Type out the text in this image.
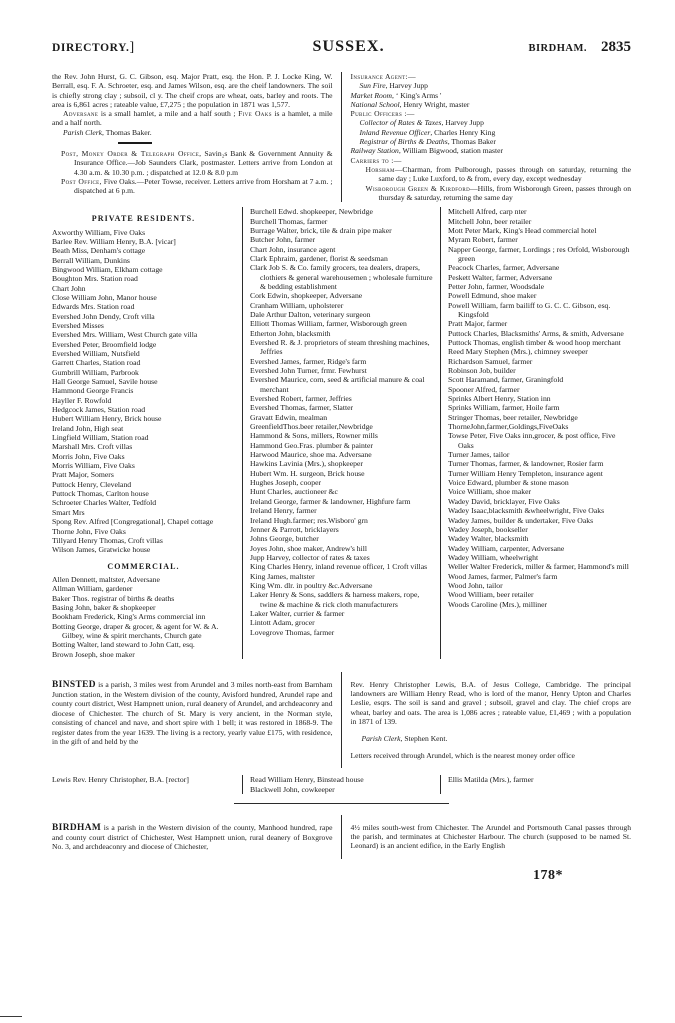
DIRECTORY.]	SUSSEX.	BIRDHAM. 2835

the Rev. John Hurst, G. C. Gibson, esq. Major Pratt, esq. the Hon. P. J. Locke King, W. Berrall, esq. F. A. Schroeter, esq. and James Wilson, esq. are the cheif landowners. The soil is chiefly strong clay ; subsoil, cl y. The cheif crops are wheat, oats, barley and roots. The area is 6,861 acres ; rateable value, £7,275 ; the population in 1871 was 1,577.

Adversane is a small hamlet, a mile and a half south ; Five Oaks is a hamlet, a mile and a half north.

Parish Clerk, Thomas Baker.

Post, Money Order & Telegraph Office, Savin₂s Bank & Government Annuity & Insurance Office.—Job Saunders Clark, postmaster. Letters arrive from London at 4.30 a.m. & 10.30 p.m. ; dispatched at 12.0 & 8.0 p.m

Post Office, Five Oaks.—Peter Towse, receiver. Letters arrive from Horsham at 7 a.m. ; dispatched at 6 p.m.

Insurance Agent:—

Sun Fire, Harvey Jupp

Market Room, ‘ King's Arms '

National School, Henry Wright, master

Public Officers :—

Collector of Rates & Taxes, Harvey Jupp

Inland Revenue Officer, Charles Henry King

Registrar of Births & Deaths, Thomas Baker

Railway Station, William Bigwood, station master

Carriers to :—

Horsham—Charman, from Pulborough, passes through on saturday, returning the same day ; Luke Luxford, to & from, every day, except wednesday

Wisborough Green & Kirdford—Hills, from Wisborough Green, passes through on thursday & saturday, returning the same day

PRIVATE RESIDENTS.

Axworthy William, Five Oaks

Barlee Rev. William Henry, B.A. [vicar]

Beath Miss, Denham's cottage

Berrall William, Dunkins

Bingwood William, Elkham cottage

Boughton Mrs. Station road

Chart John

Close William John, Manor house

Edwards Mrs. Station road

Evershed John Dendy, Croft villa

Evershed Misses

Evershed Mrs. William, West Church gate villa

Evershed Peter, Broomfield lodge

Evershed William, Nutsfield

Garrett Charles, Station road

Gumbrill William, Parbrook

Hall George Samuel, Savile house

Hammond George Francis

Hayller F. Rowfold

Hedgcock James, Station road

Hubert William Henry, Brick house

Ireland John, High seat

Lingfield William, Station road

Marshall Mrs. Croft villas

Morris John, Five Oaks

Morris William, Five Oaks

Pratt Major, Somers

Puttock Henry, Cleveland

Puttock Thomas, Carlton house

Schroeter Charles Walter, Tedfold

Smart Mrs

Spong Rev. Alfred [Congregational], Chapel cottage

Thorne John, Five Oaks

Tillyard Henry Thomas, Croft villas

Wilson James, Gratwicke house

COMMERCIAL.

Allen Dennett, maltster, Adversane

Allman William, gardener

Baker Thos. registrar of births & deaths

Basing John, baker & shopkeeper

Bookham Frederick, King's Arms commercial inn

Botting George, draper & grocer, & agent for W. & A. Gilbey, wine & spirit merchants, Church gate

Botting Walter, land steward to John Catt, esq.

Brown Joseph, shoe maker

Burchell Edwd. shopkeeper, Newbridge

Burchell Thomas, farmer

Burrage Walter, brick, tile & drain pipe maker

Butcher John, farmer

Chart John, insurance agent

Clark Ephraim, gardener, florist & seedsman

Clark Job S. & Co. family grocers, tea dealers, drapers, clothiers & general warehousemen ; wholesale furniture & bedding establishment

Cork Edwin, shopkeeper, Adversane

Cranham William, upholsterer

Dale Arthur Dalton, veterinary surgeon

Elliott Thomas William, farmer, Wisborough green

Etherton John, blacksmith

Evershed R. & J. proprietors of steam threshing machines, Jeffries

Evershed James, farmer, Ridge's farm

Evershed John Turner, frmr. Fewhurst

Evershed Maurice, corn, seed & artificial manure & coal merchant

Evershed Robert, farmer, Jeffries

Evershed Thomas, farmer, Slatter

Gravatt Edwin, mealman

GreenfieldThos.beer retailer,Newbridge

Hammond & Sons, millers, Rowner mills

Hammond Geo.Fras. plumber & painter

Harwood Maurice, shoe ma. Adversane

Hawkins Lavinia (Mrs.), shopkeeper

Hubert Wm. H. surgeon, Brick house

Hughes Joseph, cooper

Hunt Charles, auctioneer &c

Ireland George, farmer & landowner, Highfure farm

Ireland Henry, farmer

Ireland Hugh.farmer; res.Wisboro' grn

Jenner & Parrott, bricklayers

Johns George, butcher

Joyes John, shoe maker, Andrew's hill

Jupp Harvey, collector of rates & taxes

King Charles Henry, inland revenue officer, 1 Croft villas

King James, maltster

King Wm. dlr. in poultry &c.Adversane

Laker Henry & Sons, saddlers & harness makers, rope, twine & machine & rick cloth manufacturers

Laker Walter, currier & farmer

Lintott Adam, grocer

Lovegrove Thomas, farmer

Mitchell Alfred, carp nter

Mitchell John, beer retailer

Mott Peter Mark, King's Head commercial hotel

Myram Robert, farmer

Napper George, farmer, Lordings ; res Orfold, Wisborough green

Peacock Charles, farmer, Adversane

Peskett Walter, farmer, Adversane

Petter John, farmer, Woodsdale

Powell Edmund, shoe maker

Powell William, farm bailiff to G. C. C. Gibson, esq. Kingsfold

Pratt Major, farmer

Puttock Charles, Blacksmiths' Arms, & smith, Adversane

Puttock Thomas, english timber & wood hoop merchant

Reed Mary Stephen (Mrs.), chimney sweeper

Richardson Samuel, farmer

Robinson Job, builder

Scott Haramand, farmer, Graningfold

Spooner Alfred, farmer

Sprinks Albert Henry, Station inn

Sprinks William, farmer, Hoile farm

Stringer Thomas, beer retailer, Newbridge

ThorneJohn,farmer,Goldings,FiveOaks

Towse Peter, Five Oaks inn,grocer, & post office, Five Oaks

Turner James, tailor

Turner Thomas, farmer, & landowner, Rosier farm

Turner William Henry Templeton, insurance agent

Voice Edward, plumber & stone mason

Voice William, shoe maker

Wadey David, bricklayer, Five Oaks

Wadey Isaac,blacksmith &wheelwright, Five Oaks

Wadey James, builder & undertaker, Five Oaks

Wadey Joseph, bookseller

Wadey Walter, blacksmith

Wadey William, carpenter, Adversane

Wadey William, wheelwright

Weller Walter Frederick, miller & farmer, Hammond's mill

Wood James, farmer, Palmer's farm

Wood John, tailor

Wood William, beer retailer

Woods Caroline (Mrs.), milliner

BINSTED is a parish, 3 miles west from Arundel and 3 miles north-east from Barnham Junction station, in the Western division of the county, Avisford hundred, Arundel rape and county court district, West Hampnett union, rural deanery of Arundel, and archdeaconry and diocese of Chichester. The church of St. Mary is very ancient, in the Norman style, consisting of chancel and nave, and short spire with 1 bell; it was restored in 1868-9. The register dates from the year 1639. The living is a rectory, yearly value £175, with residence, in the gift of and held by the

Rev. Henry Christopher Lewis, B.A. of Jesus College, Cambridge. The principal landowners are William Henry Read, who is lord of the manor, Henry Upton and Charles Leslie, esqrs. The soil is sand and gravel ; subsoil, gravel and clay. The chief crops are wheat, barley and oats. The area is 1,086 acres ; rateable value, £1,469 ; with a population in 1871 of 139.

Parish Clerk, Stephen Kent.

Letters received through Arundel, which is the nearest money order office

Lewis Rev. Henry Christopher, B.A. [rector]	Read William Henry, Binstead house

Blackwell John, cowkeeper

Ellis Matilda (Mrs.), farmer

BIRDHAM is a parish in the Western division of the county, Manhood hundred, rape and county court district of Chichester, West Hampnett union, rural deanery of Boxgrove No. 3, and archdeaconry and diocese of Chichester,

4½ miles south-west from Chichester. The Arundel and Portsmouth Canal passes through the parish, and terminates at Chichester Harbour. The church (supposed to be named St. Leonard) is an ancient edifice, in the Early English

178*
